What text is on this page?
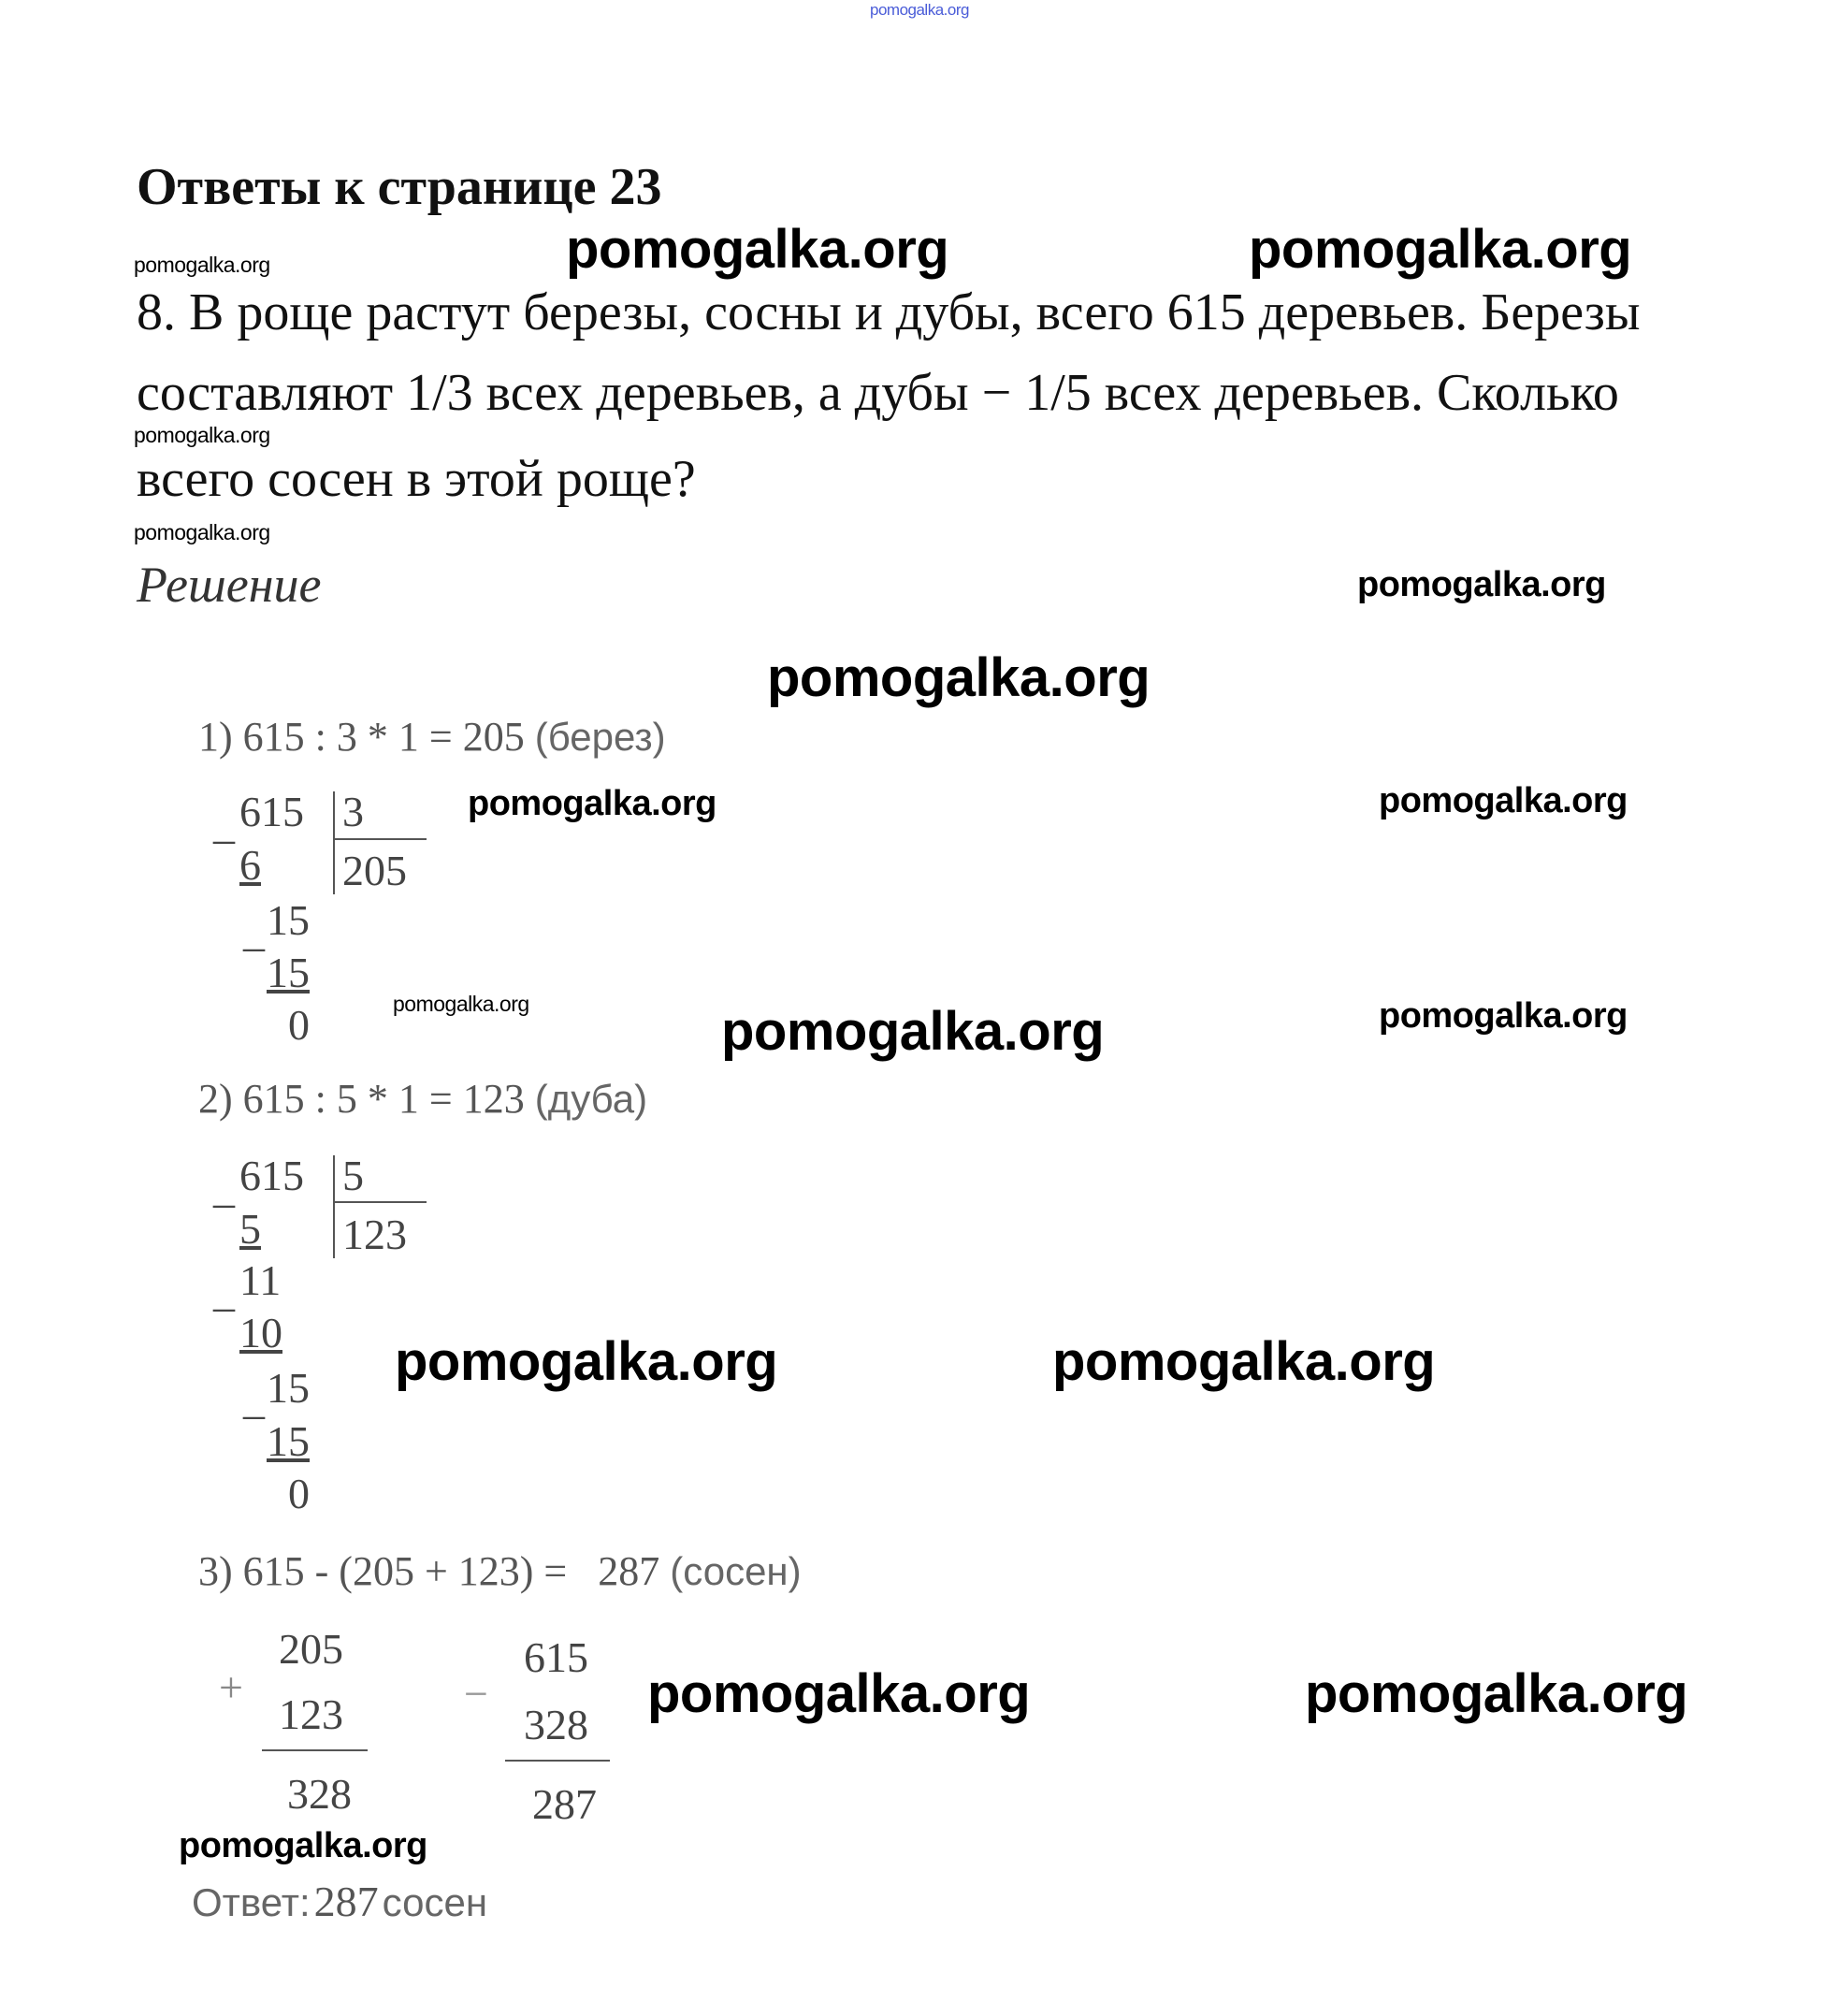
pomogalka.org
pomogalka.org	pomogalka.org	pomogalka.org
pomogalka.org
pomogalka.org
pomogalka.org
pomogalka.org
pomogalka.org	pomogalka.org
pomogalka.org	pomogalka.org	pomogalka.org
pomogalka.org	pomogalka.org
pomogalka.org	pomogalka.org
pomogalka.org
Ответы к странице 23
8. В роще растут березы, сосны и дубы, всего 615 деревьев. Березы
составляют 1/3 всех деревьев, а дубы − 1/5 всех деревьев. Сколько
всего сосен в этой роще?
Решение
1) 615 : 3 * 1 = 205 (берез)
615 3
_
6 205
_ 15
15
0
2) 615 : 5 * 1 = 123 (дуба)
615 5
_
5 123
_ 11
10
_ 15
15
0
3) 615 - (205 + 123) =   287 (сосен)
+
205
123
328
−
615
328
287
Ответ: 287 сосен
